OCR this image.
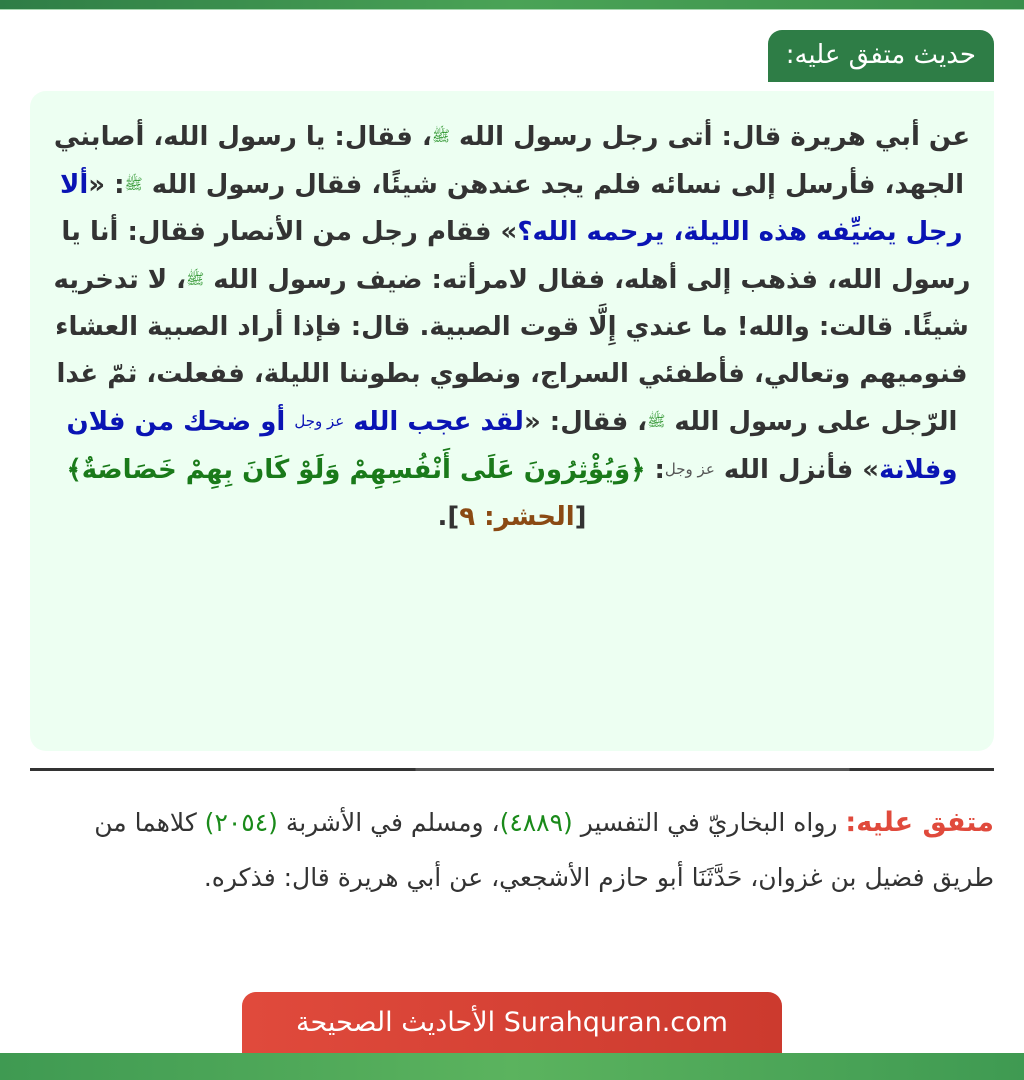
حديث متفق عليه:
عن أبي هريرة قال: أتى رجل رسول الله ﷺ، فقال: يا رسول الله، أصابني
الجهد، فأرسل إلى نسائه فلم يجد عندهن شيئًا، فقال رسول الله ﷺ: «ألا رجل يضيِّفه هذه الليلة، يرحمه الله؟» فقام رجل من الأنصار فقال: أنا يا رسول الله، فذهب إلى أهله، فقال لامرأته: ضيف رسول الله ﷺ، لا تدخريه شيئًا. قالت: والله! ما عندي إِلَّا قوت الصبية. قال: فإذا أراد الصبية العشاء فنوميهم وتعالي، فأطفئي السراج، ونطوي بطوننا الليلة، ففعلت، ثمّ غدا الرّجل على رسول الله ﷺ، فقال: «لقد عجب الله عز وجل أو ضحك من فلان وفلانة» فأنزل الله عز وجل: ﴿وَيُؤْثِرُونَ عَلَى أَنْفُسِهِمْ وَلَوْ كَانَ بِهِمْ خَصَاصَةٌ﴾ [الحشر: ٩].
متفق عليه: رواه البخاريّ في التفسير (٤٨٨٩)، ومسلم في الأشربة (٢٠٥٤) كلاهما من طريق فضيل بن غزوان، حَدَّثَنَا أبو حازم الأشجعي، عن أبي هريرة قال: فذكره.
الأحاديث الصحيحة Surahquran.com
